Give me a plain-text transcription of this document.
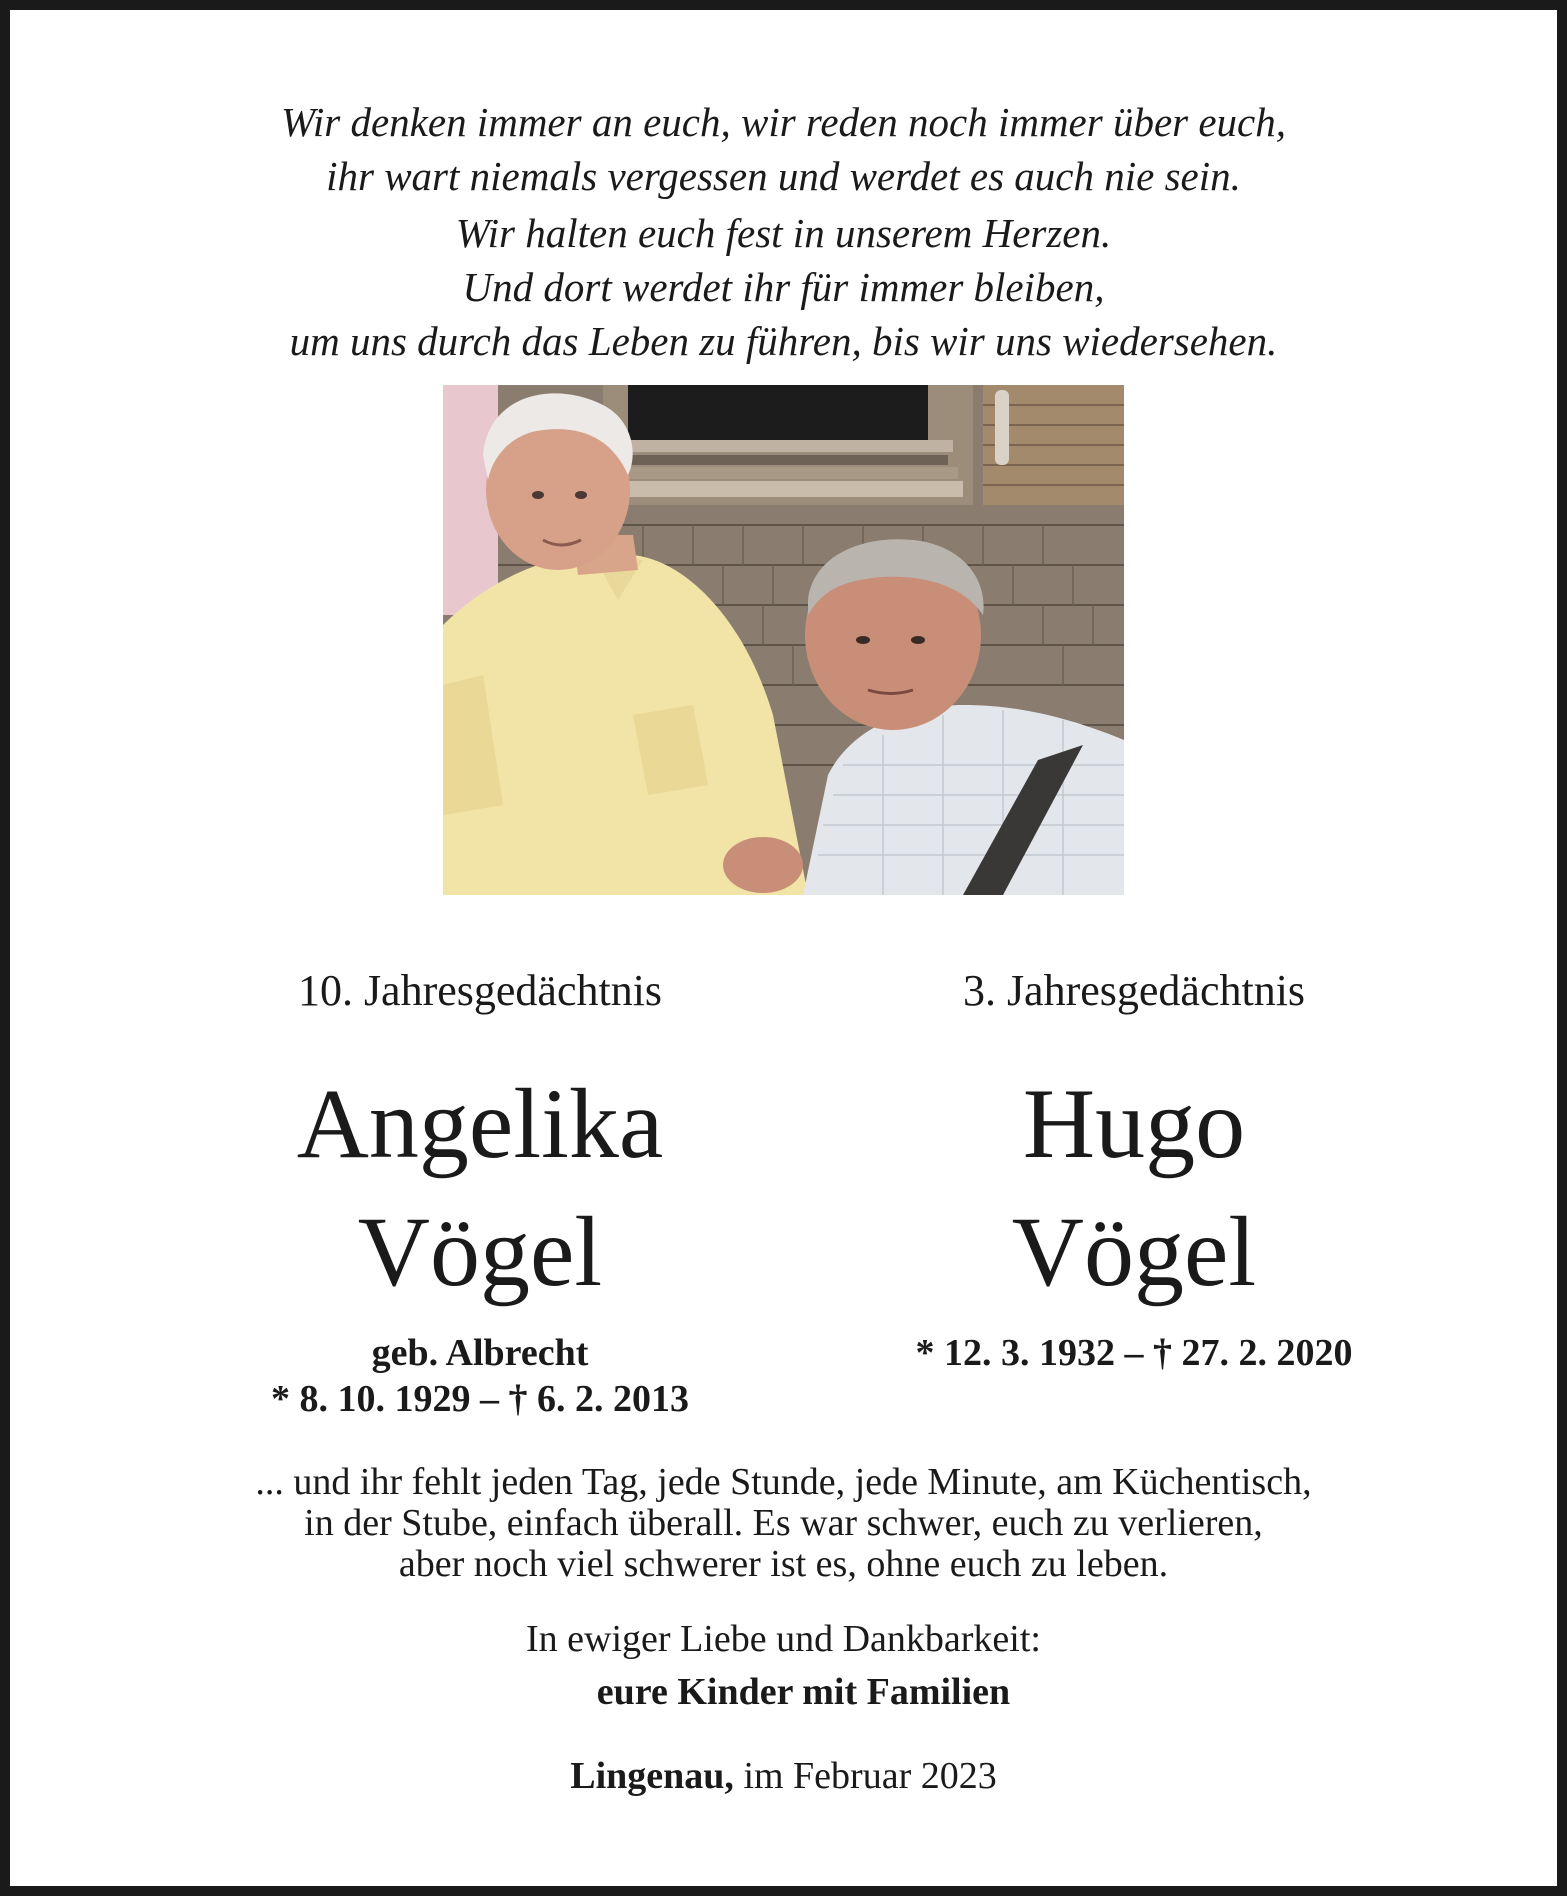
Wir denken immer an euch, wir reden noch immer über euch,
ihr wart niemals vergessen und werdet es auch nie sein.
Wir halten euch fest in unserem Herzen.
Und dort werdet ihr für immer bleiben,
um uns durch das Leben zu führen, bis wir uns wiedersehen.
10. Jahresgedächtnis	3. Jahresgedächtnis
Angelika
Vögel
Hugo
Vögel
geb. Albrecht
* 8. 10. 1929 – † 6. 2. 2013
* 12. 3. 1932 – † 27. 2. 2020
... und ihr fehlt jeden Tag, jede Stunde, jede Minute, am Küchentisch,
in der Stube, einfach überall. Es war schwer, euch zu verlieren,
aber noch viel schwerer ist es, ohne euch zu leben.
In ewiger Liebe und Dankbarkeit:
eure Kinder mit Familien
Lingenau, im Februar 2023
